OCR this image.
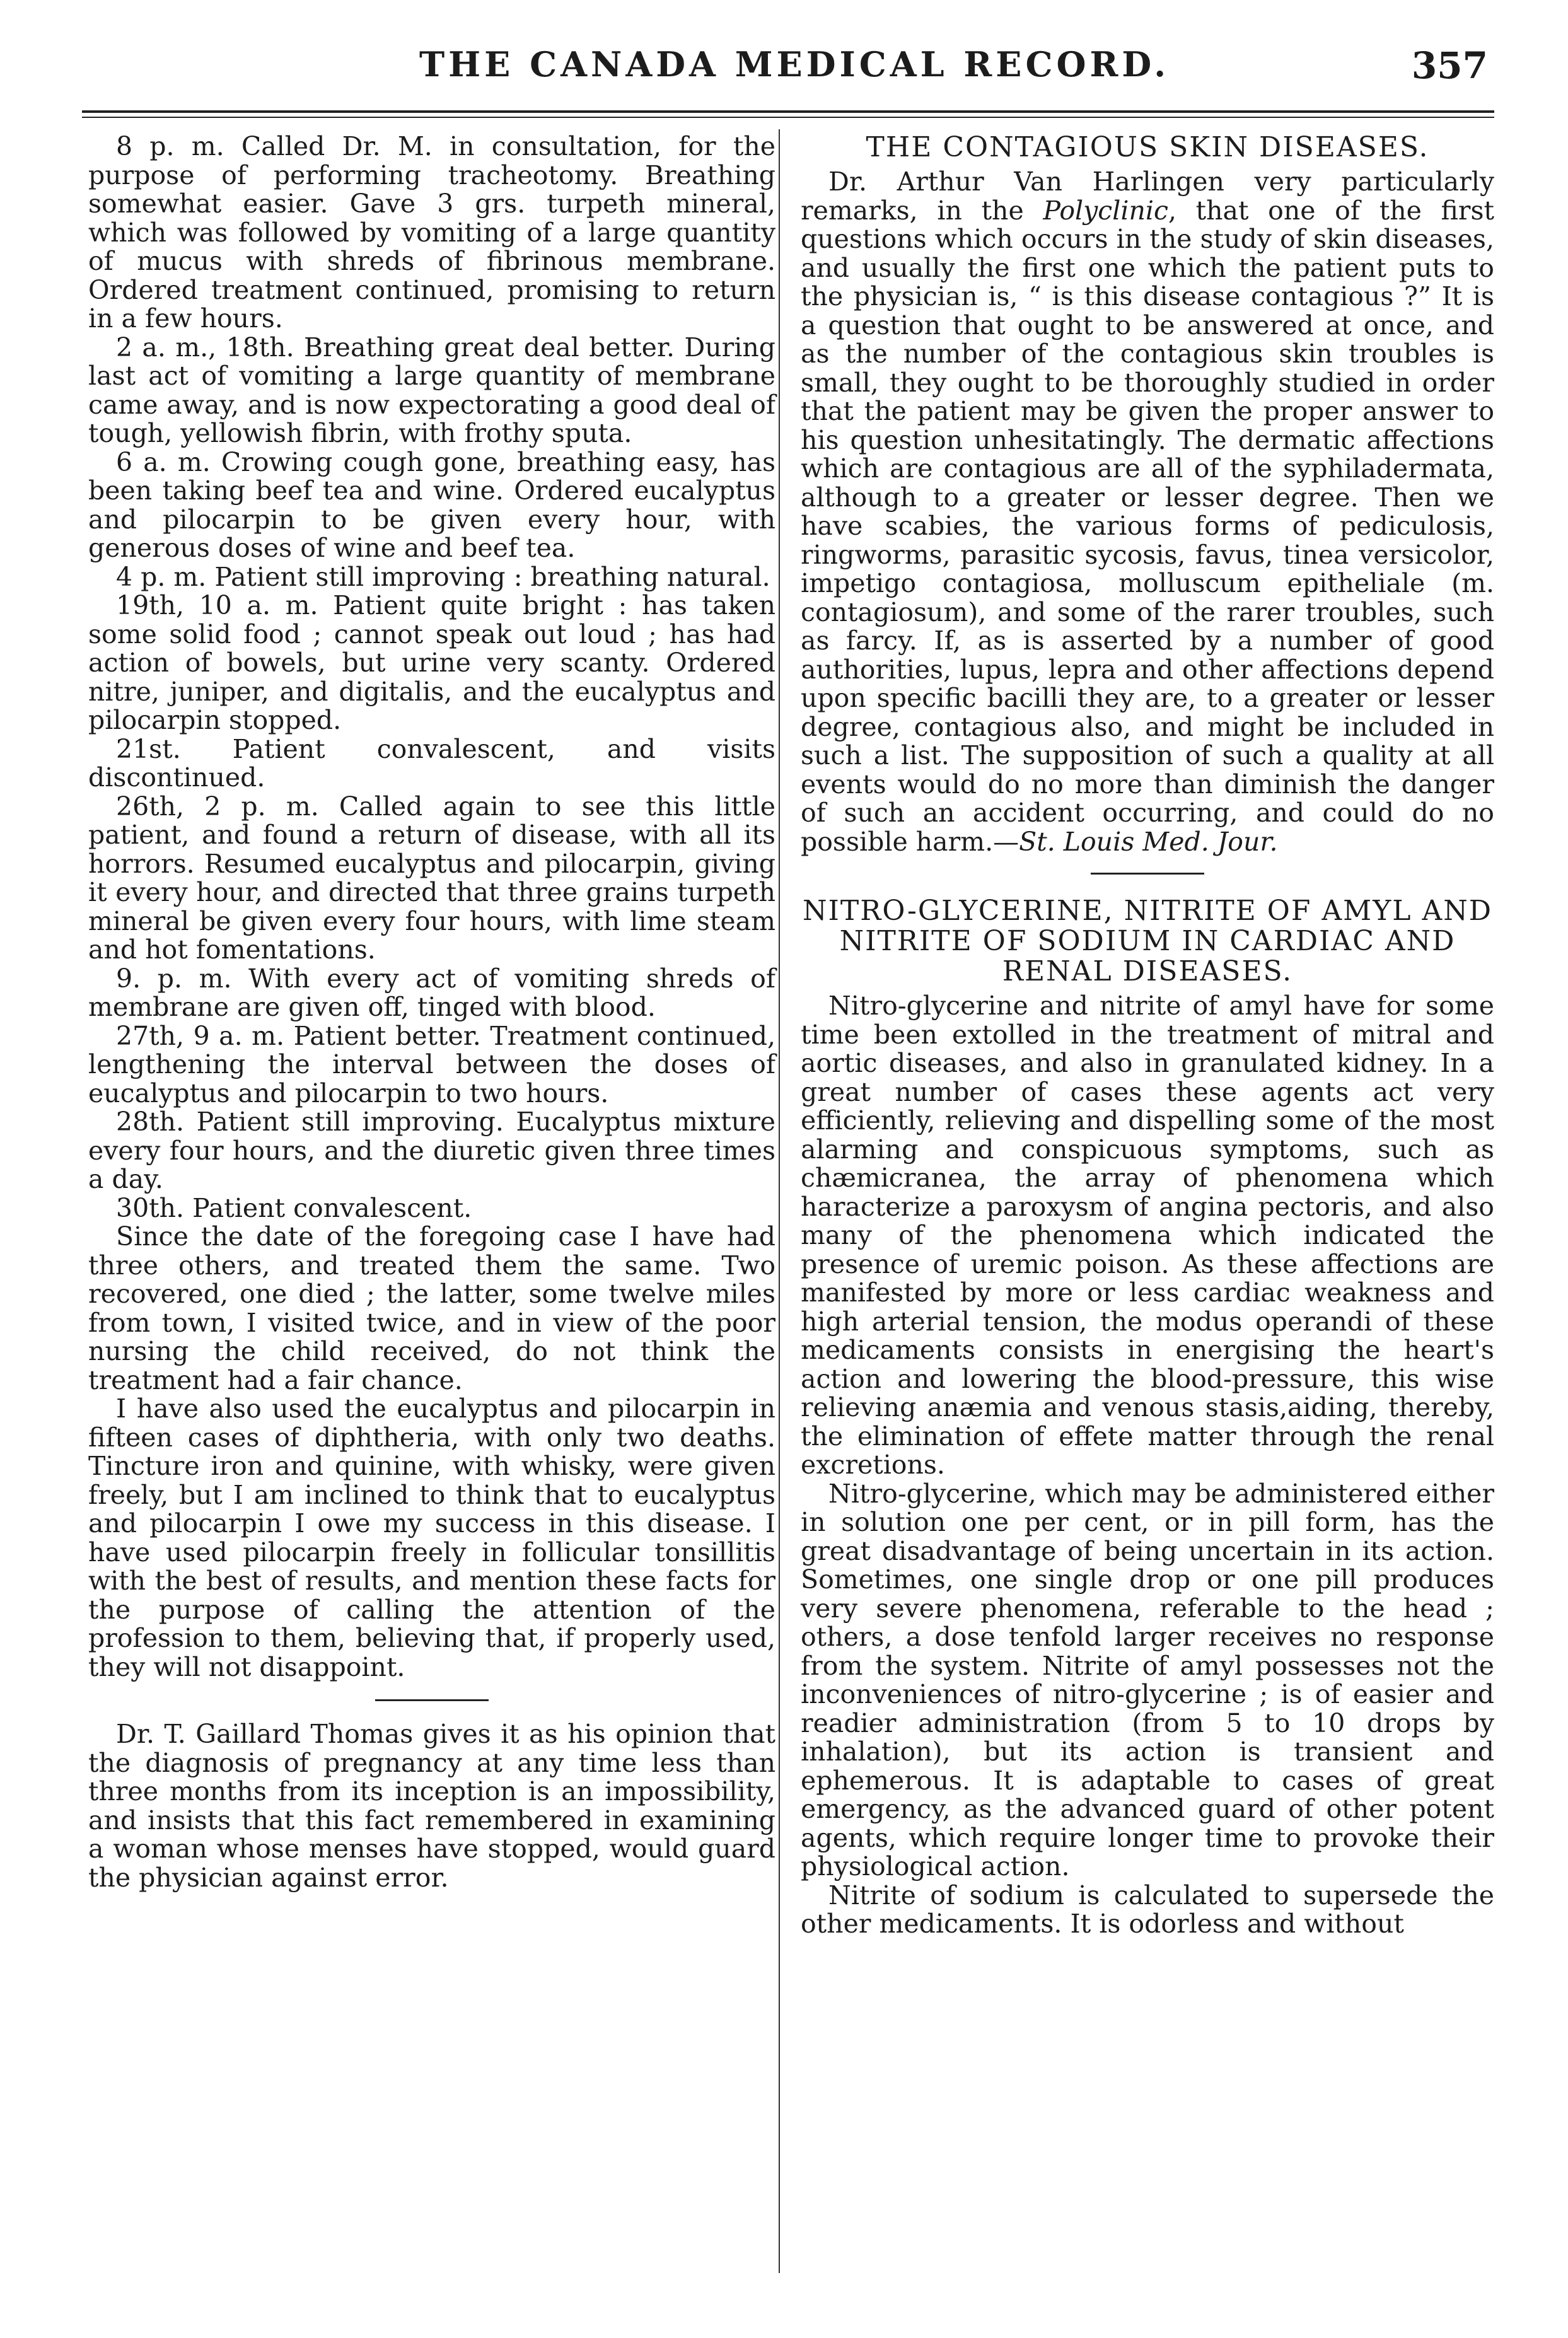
THE CANADA MEDICAL RECORD.	357

8 p. m. Called Dr. M. in consultation, for the purpose of performing tracheotomy. Breathing somewhat easier. Gave 3 grs. turpeth mineral, which was followed by vomiting of a large quantity of mucus with shreds of fibrinous membrane. Ordered treatment continued, promising to return in a few hours.

2 a. m., 18th. Breathing great deal better. During last act of vomiting a large quantity of membrane came away, and is now expectorating a good deal of tough, yellowish fibrin, with frothy sputa.

6 a. m. Crowing cough gone, breathing easy, has been taking beef tea and wine. Ordered eucalyptus and pilocarpin to be given every hour, with generous doses of wine and beef tea.

4 p. m. Patient still improving : breathing natural.

19th, 10 a. m. Patient quite bright : has taken some solid food ; cannot speak out loud ; has had action of bowels, but urine very scanty. Ordered nitre, juniper, and digitalis, and the eucalyptus and pilocarpin stopped.

21st. Patient convalescent, and visits discontinued.

26th, 2 p. m. Called again to see this little patient, and found a return of disease, with all its horrors. Resumed eucalyptus and pilocarpin, giving it every hour, and directed that three grains turpeth mineral be given every four hours, with lime steam and hot fomentations.

9. p. m. With every act of vomiting shreds of membrane are given off, tinged with blood.

27th, 9 a. m. Patient better. Treatment continued, lengthening the interval between the doses of eucalyptus and pilocarpin to two hours.

28th. Patient still improving. Eucalyptus mixture every four hours, and the diuretic given three times a day.

30th. Patient convalescent.

Since the date of the foregoing case I have had three others, and treated them the same. Two recovered, one died ; the latter, some twelve miles from town, I visited twice, and in view of the poor nursing the child received, do not think the treatment had a fair chance.

I have also used the eucalyptus and pilocarpin in fifteen cases of diphtheria, with only two deaths. Tincture iron and quinine, with whisky, were given freely, but I am inclined to think that to eucalyptus and pilocarpin I owe my success in this disease. I have used pilocarpin freely in follicular tonsillitis with the best of results, and mention these facts for the purpose of calling the attention of the profession to them, believing that, if properly used, they will not disappoint.

Dr. T. Gaillard Thomas gives it as his opinion that the diagnosis of pregnancy at any time less than three months from its inception is an impossibility, and insists that this fact remembered in examining a woman whose menses have stopped, would guard the physician against error.

THE CONTAGIOUS SKIN DISEASES.

Dr. Arthur Van Harlingen very particularly remarks, in the Polyclinic, that one of the first questions which occurs in the study of skin diseases, and usually the first one which the patient puts to the physician is, “ is this disease contagious ?” It is a question that ought to be answered at once, and as the number of the contagious skin troubles is small, they ought to be thoroughly studied in order that the patient may be given the proper answer to his question unhesitatingly. The dermatic affections which are contagious are all of the syphiladermata, although to a greater or lesser degree. Then we have scabies, the various forms of pediculosis, ringworms, parasitic sycosis, favus, tinea versicolor, impetigo contagiosa, molluscum epitheliale (m. contagiosum), and some of the rarer troubles, such as farcy. If, as is asserted by a number of good authorities, lupus, lepra and other affections depend upon specific bacilli they are, to a greater or lesser degree, contagious also, and might be included in such a list. The supposition of such a quality at all events would do no more than diminish the danger of such an accident occurring, and could do no possible harm.—St. Louis Med. Jour.

NITRO-GLYCERINE, NITRITE OF AMYL AND NITRITE OF SODIUM IN CARDIAC AND RENAL DISEASES.

Nitro-glycerine and nitrite of amyl have for some time been extolled in the treatment of mitral and aortic diseases, and also in granulated kidney. In a great number of cases these agents act very efficiently, relieving and dispelling some of the most alarming and conspicuous symptoms, such as chæmicranea, the array of phenomena which haracterize a paroxysm of angina pectoris, and also many of the phenomena which indicated the presence of uremic poison. As these affections are manifested by more or less cardiac weakness and high arterial tension, the modus operandi of these medicaments consists in energising the heart's action and lowering the blood-pressure, this wise relieving anæmia and venous stasis,aiding, thereby, the elimination of effete matter through the renal excretions.

Nitro-glycerine, which may be administered either in solution one per cent, or in pill form, has the great disadvantage of being uncertain in its action. Sometimes, one single drop or one pill produces very severe phenomena, referable to the head ; others, a dose tenfold larger receives no response from the system. Nitrite of amyl possesses not the inconveniences of nitro-glycerine ; is of easier and readier administration (from 5 to 10 drops by inhalation), but its action is transient and ephemerous. It is adaptable to cases of great emergency, as the advanced guard of other potent agents, which require longer time to provoke their physiological action.

Nitrite of sodium is calculated to supersede the other medicaments. It is odorless and without
